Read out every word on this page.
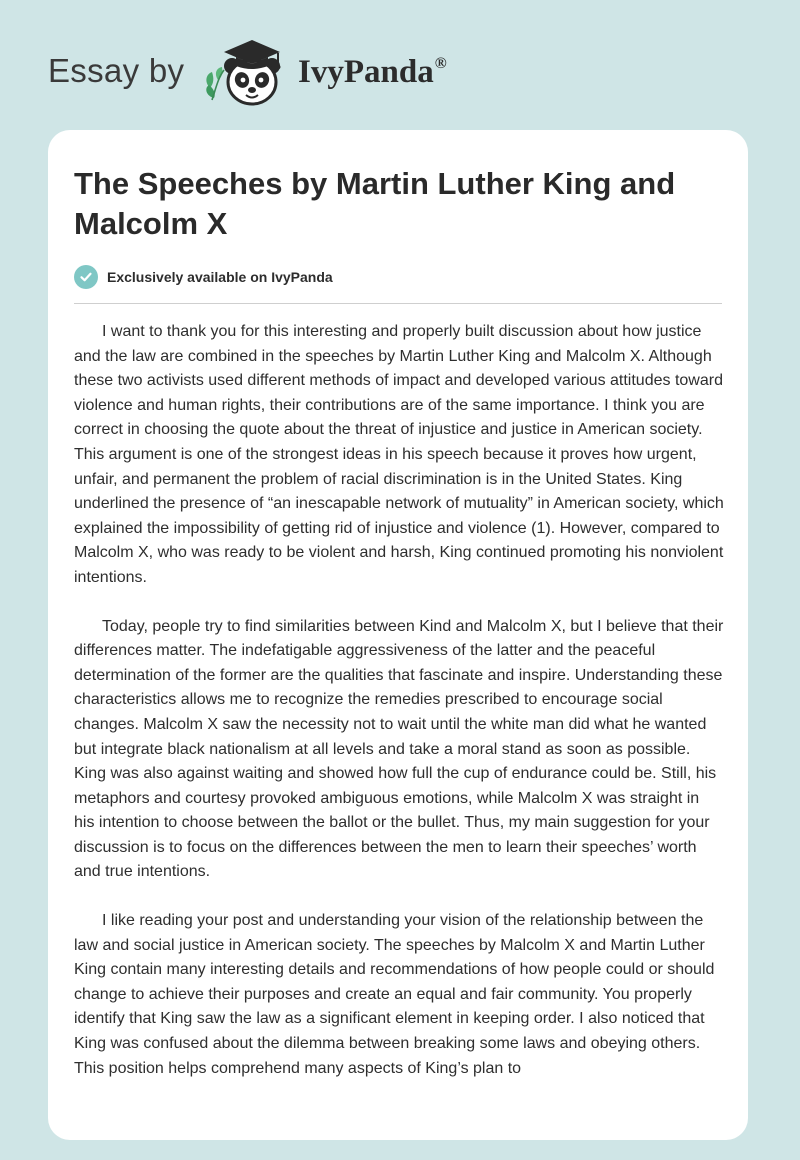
Essay by	IvyPanda®
The Speeches by Martin Luther King and Malcolm X
Exclusively available on IvyPanda

I want to thank you for this interesting and properly built discussion about how justice and the law are combined in the speeches by Martin Luther King and Malcolm X. Although these two activists used different methods of impact and developed various attitudes toward violence and human rights, their contributions are of the same importance. I think you are correct in choosing the quote about the threat of injustice and justice in American society. This argument is one of the strongest ideas in his speech because it proves how urgent, unfair, and permanent the problem of racial discrimination is in the United States. King underlined the presence of “an inescapable network of mutuality” in American society, which explained the impossibility of getting rid of injustice and violence (1). However, compared to Malcolm X, who was ready to be violent and harsh, King continued promoting his nonviolent intentions.

Today, people try to find similarities between Kind and Malcolm X, but I believe that their differences matter. The indefatigable aggressiveness of the latter and the peaceful determination of the former are the qualities that fascinate and inspire. Understanding these characteristics allows me to recognize the remedies prescribed to encourage social changes. Malcolm X saw the necessity not to wait until the white man did what he wanted but integrate black nationalism at all levels and take a moral stand as soon as possible. King was also against waiting and showed how full the cup of endurance could be. Still, his metaphors and courtesy provoked ambiguous emotions, while Malcolm X was straight in his intention to choose between the ballot or the bullet. Thus, my main suggestion for your discussion is to focus on the differences between the men to learn their speeches’ worth and true intentions.

I like reading your post and understanding your vision of the relationship between the law and social justice in American society. The speeches by Malcolm X and Martin Luther King contain many interesting details and recommendations of how people could or should change to achieve their purposes and create an equal and fair community. You properly identify that King saw the law as a significant element in keeping order. I also noticed that King was confused about the dilemma between breaking some laws and obeying others. This position helps comprehend many aspects of King’s plan to
